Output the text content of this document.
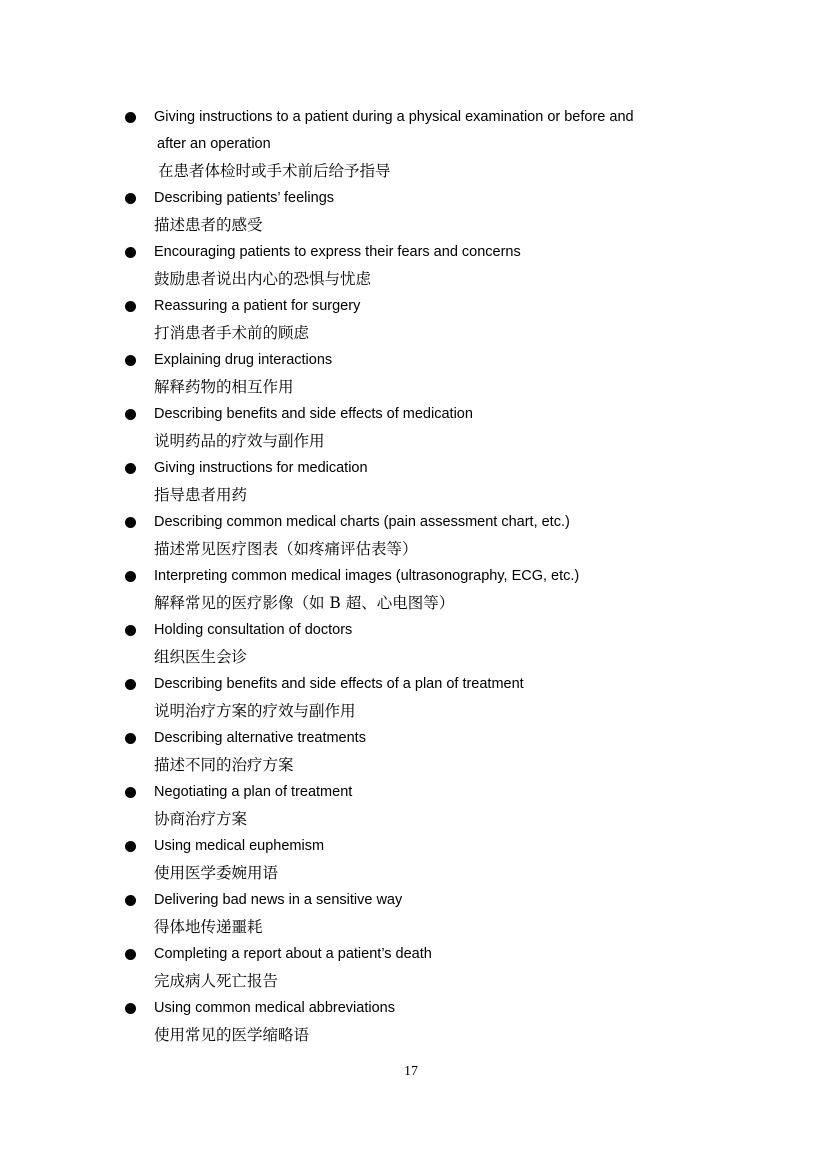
Giving instructions to a patient during a physical examination or before and
after an operation
在患者体检时或手术前后给予指导
Describing patients’ feelings
描述患者的感受
Encouraging patients to express their fears and concerns
鼓励患者说出内心的恐惧与忧虑
Reassuring a patient for surgery
打消患者手术前的顾虑
Explaining drug interactions
解释药物的相互作用
Describing benefits and side effects of medication
说明药品的疗效与副作用
Giving instructions for medication
指导患者用药
Describing common medical charts (pain assessment chart, etc.)
描述常见医疗图表（如疼痛评估表等）
Interpreting common medical images (ultrasonography, ECG, etc.)
解释常见的医疗影像（如 B 超、心电图等）
Holding consultation of doctors
组织医生会诊
Describing benefits and side effects of a plan of treatment
说明治疗方案的疗效与副作用
Describing alternative treatments
描述不同的治疗方案
Negotiating a plan of treatment
协商治疗方案
Using medical euphemism
使用医学委婉用语
Delivering bad news in a sensitive way
得体地传递噩耗
Completing a report about a patient’s death
完成病人死亡报告
Using common medical abbreviations
使用常见的医学缩略语
17
